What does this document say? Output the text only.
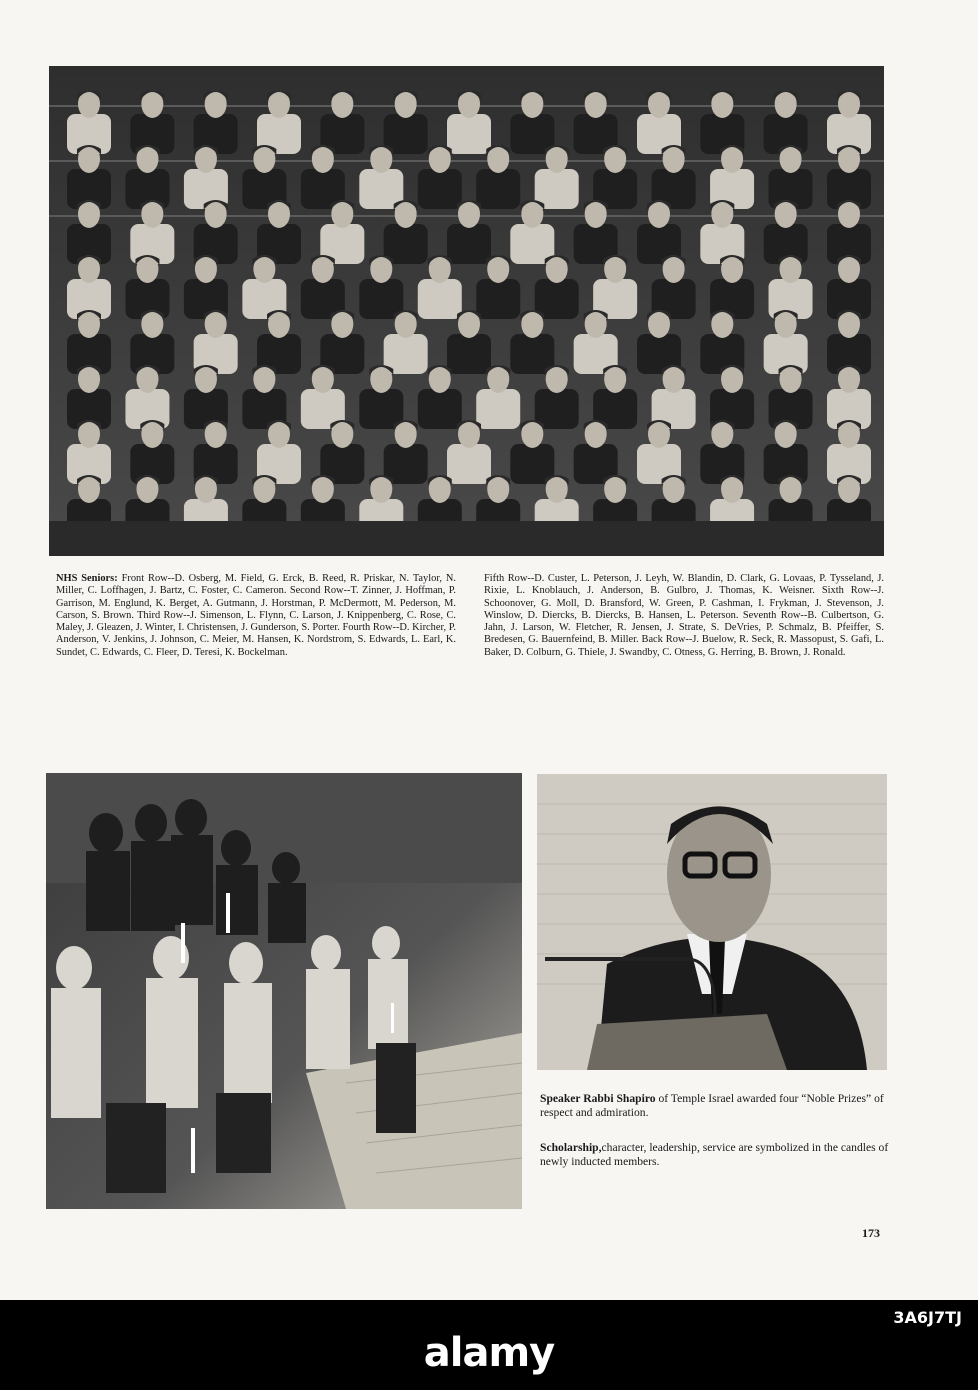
NHS Seniors: Front Row--D. Osberg, M. Field, G. Erck, B. Reed, R. Priskar, N. Taylor, N. Miller, C. Loffhagen, J. Bartz, C. Foster, C. Cameron. Second Row--T. Zinner, J. Hoffman, P. Garrison, M. Englund, K. Berget, A. Gutmann, J. Horstman, P. McDermott, M. Pederson, M. Carson, S. Brown. Third Row--J. Simenson, L. Flynn, C. Larson, J. Knippenberg, C. Rose, C. Maley, J. Gleazen, J. Winter, I. Christensen, J. Gunderson, S. Porter. Fourth Row--D. Kircher, P. Anderson, V. Jenkins, J. Johnson, C. Meier, M. Hansen, K. Nordstrom, S. Edwards, L. Earl, K. Sundet, C. Edwards, C. Fleer, D. Teresi, K. Bockelman.
Fifth Row--D. Custer, L. Peterson, J. Leyh, W. Blandin, D. Clark, G. Lovaas, P. Tysseland, J. Rixie, L. Knoblauch, J. Anderson, B. Gulbro, J. Thomas, K. Weisner. Sixth Row--J. Schoonover, G. Moll, D. Bransford, W. Green, P. Cashman, I. Frykman, J. Stevenson, J. Winslow, D. Diercks, B. Diercks, B. Hansen, L. Peterson. Seventh Row--B. Culbertson, G. Jahn, J. Larson, W. Fletcher, R. Jensen, J. Strate, S. DeVries, P. Schmalz, B. Pfeiffer, S. Bredesen, G. Bauernfeind, B. Miller. Back Row--J. Buelow, R. Seck, R. Massopust, S. Gafi, L. Baker, D. Colburn, G. Thiele, J. Swandby, C. Otness, G. Herring, B. Brown, J. Ronald.
Speaker Rabbi Shapiro of Temple Israel awarded four “Noble Prizes” of respect and admiration.
Scholarship,character, leadership, service are symbolized in the candles of newly inducted members.
173
alamy
3A6J7TJ
